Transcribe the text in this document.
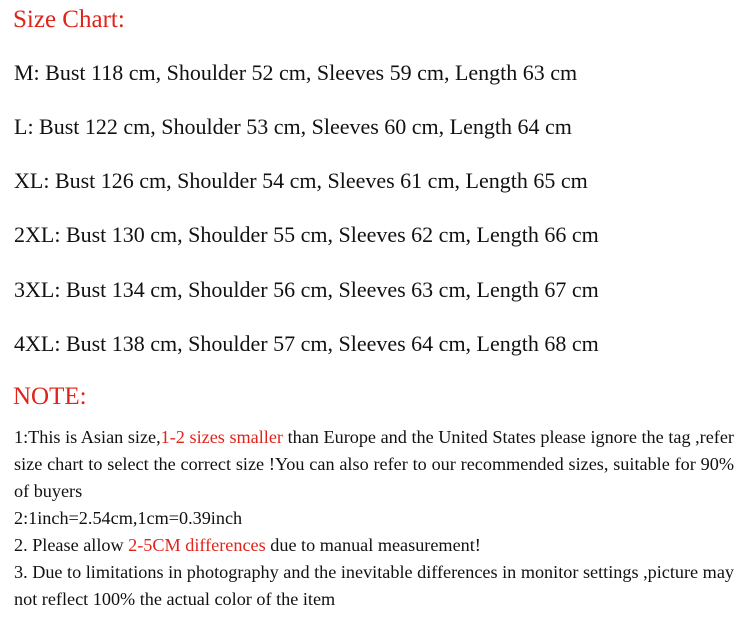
Size Chart:
M: Bust 118 cm, Shoulder 52 cm, Sleeves 59 cm, Length 63 cm
L: Bust 122 cm, Shoulder 53 cm, Sleeves 60 cm, Length 64 cm
XL: Bust 126 cm, Shoulder 54 cm, Sleeves 61 cm, Length 65 cm
2XL: Bust 130 cm, Shoulder 55 cm, Sleeves 62 cm, Length 66 cm
3XL: Bust 134 cm, Shoulder 56 cm, Sleeves 63 cm, Length 67 cm
4XL: Bust 138 cm, Shoulder 57 cm, Sleeves 64 cm, Length 68 cm
NOTE:
1:This is Asian size,1-2 sizes smaller than Europe and the United States please ignore the tag ,refer size chart to select the correct size !You can also refer to our recommended sizes, suitable for 90% of buyers
2:1inch=2.54cm,1cm=0.39inch
2. Please allow 2-5CM differences due to manual measurement!
3. Due to limitations in photography and the inevitable differences in monitor settings ,picture may not reflect 100% the actual color of the item
